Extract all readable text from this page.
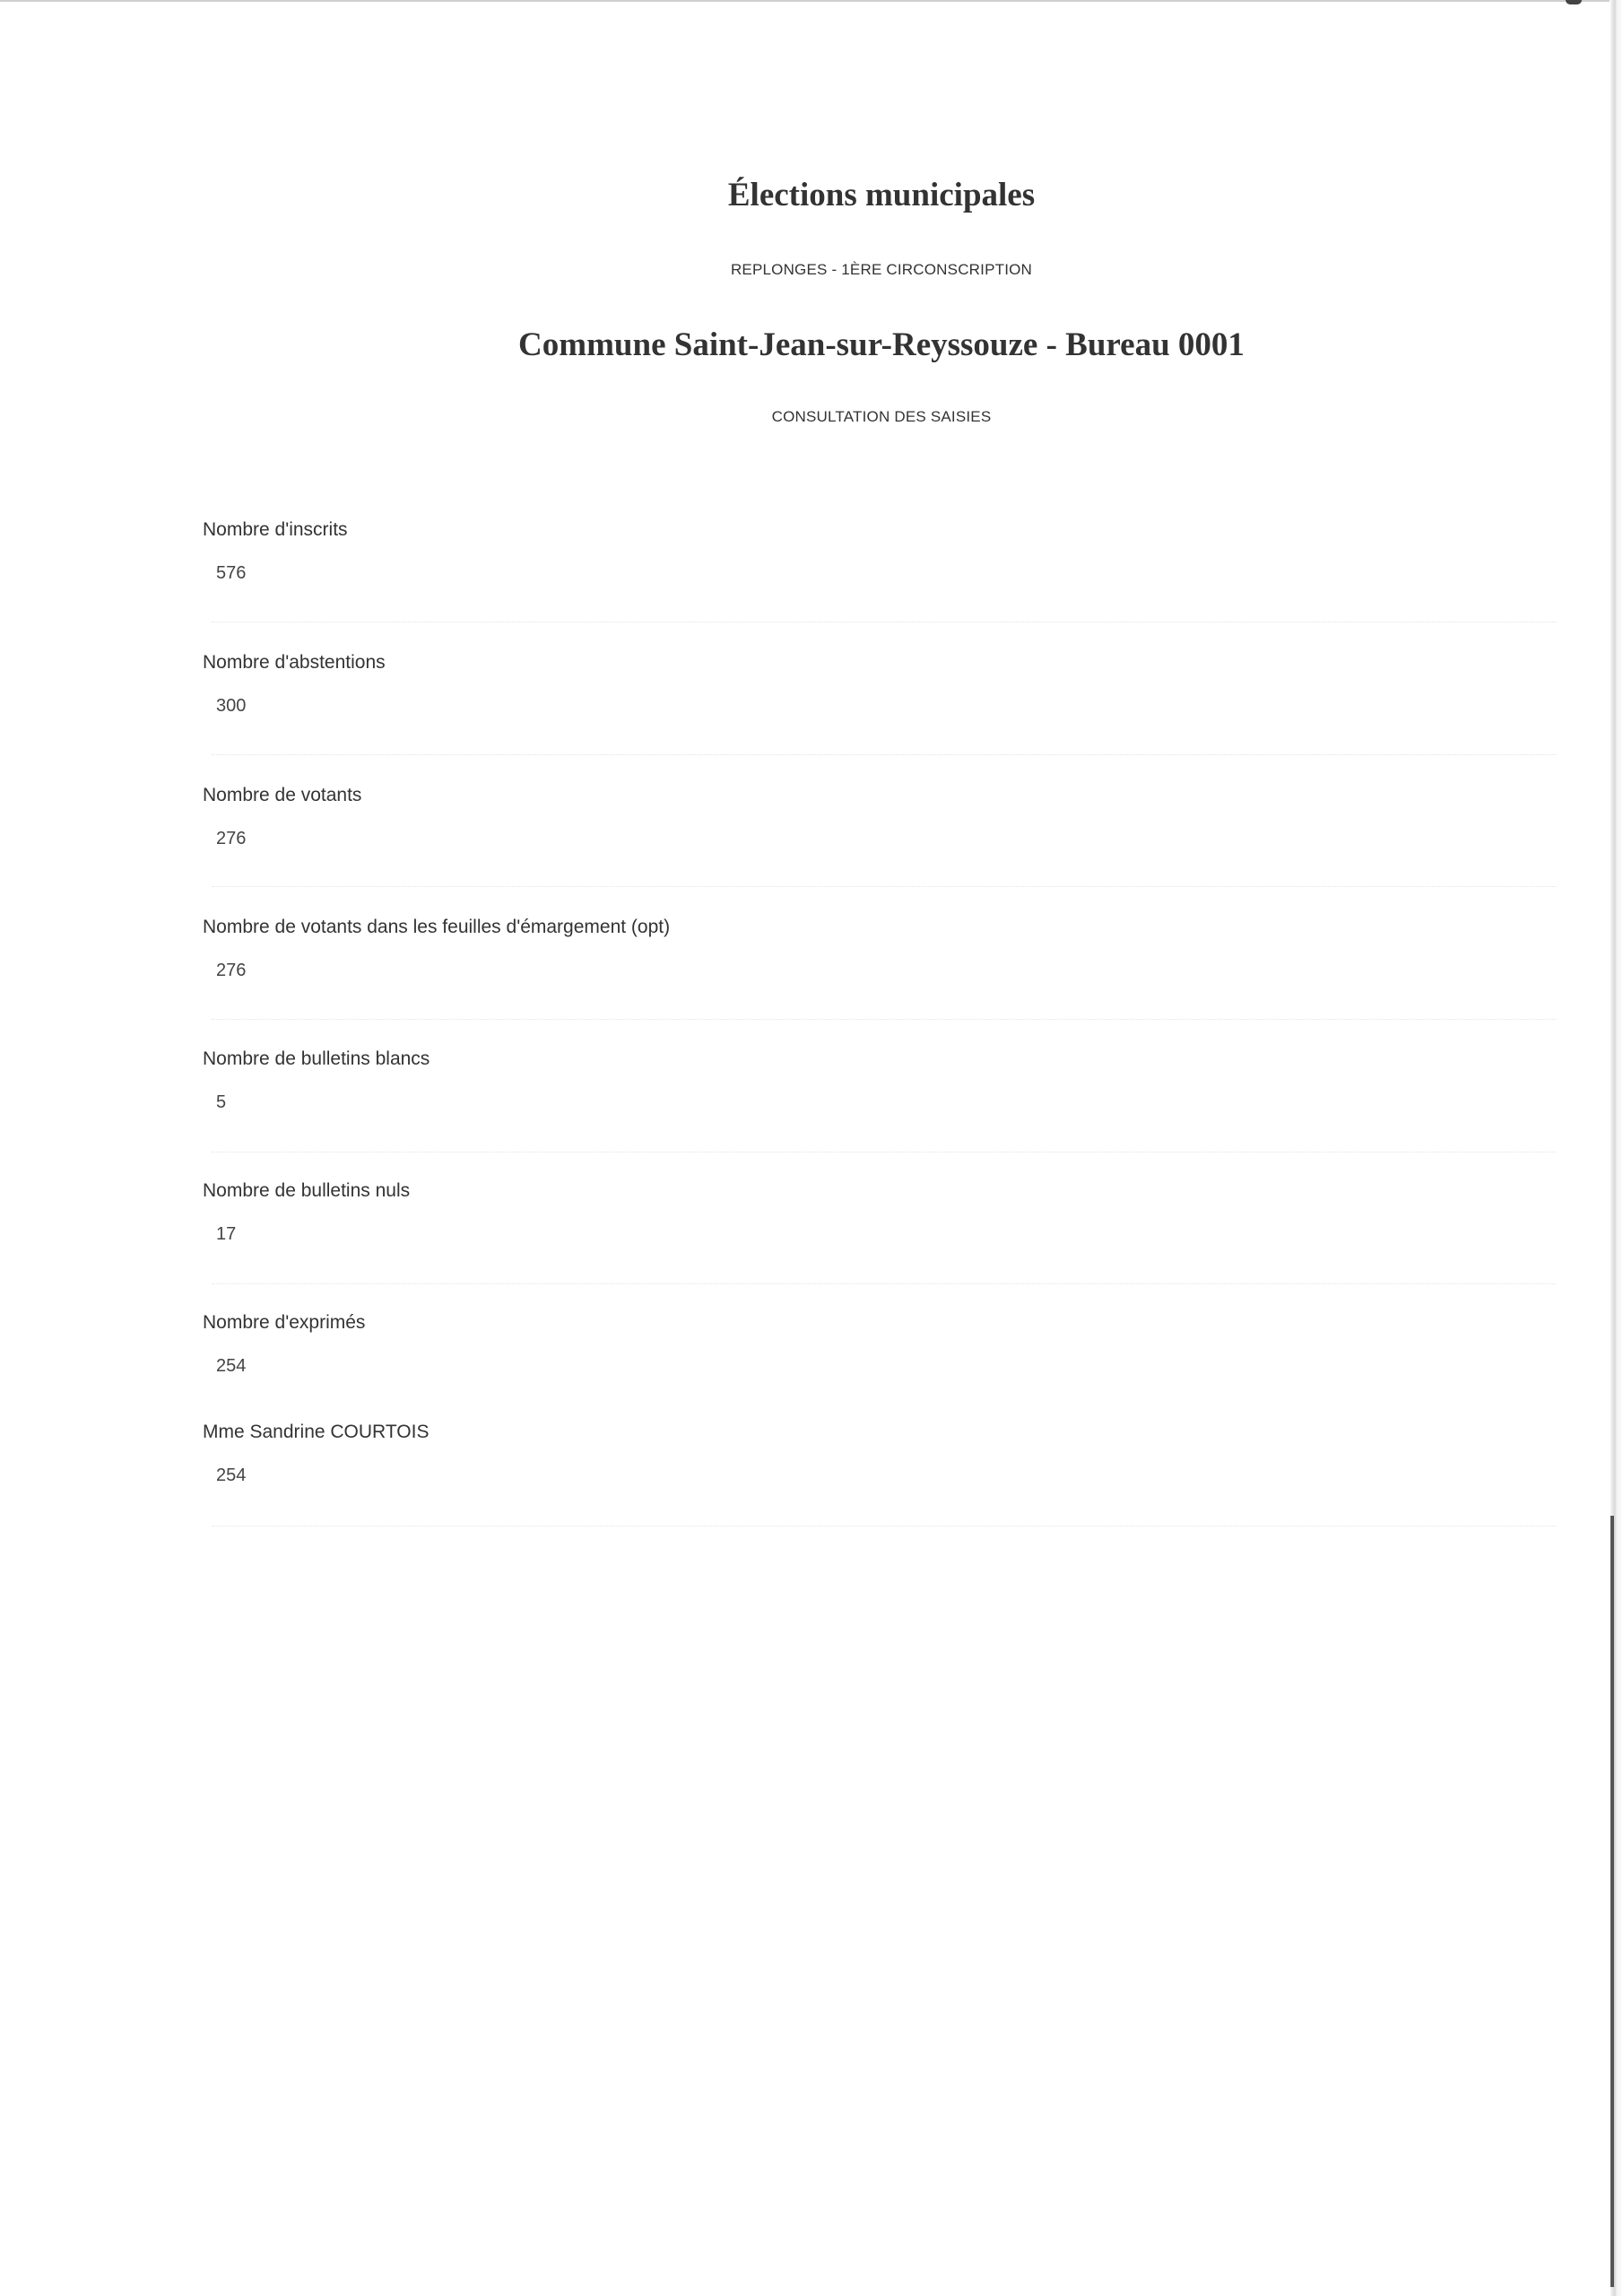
Élections municipales
REPLONGES - 1ÈRE CIRCONSCRIPTION
Commune Saint-Jean-sur-Reyssouze - Bureau 0001
CONSULTATION DES SAISIES
Nombre d'inscrits
576
Nombre d'abstentions
300
Nombre de votants
276
Nombre de votants dans les feuilles d'émargement (opt)
276
Nombre de bulletins blancs
5
Nombre de bulletins nuls
17
Nombre d'exprimés
254
Mme Sandrine COURTOIS
254
